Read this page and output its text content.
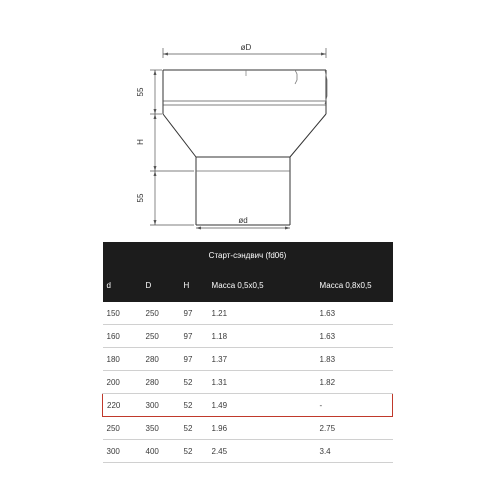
øD
ød
55
H
55
Старт-сэндвич (fd06)				
d	D	H	Масса 0,5х0,5	Масса 0,8х0,5
150	250	97	1.21	1.63
160	250	97	1.18	1.63
180	280	97	1.37	1.83
200	280	52	1.31	1.82
220	300	52	1.49	-
250	350	52	1.96	2.75
300	400	52	2.45	3.4
